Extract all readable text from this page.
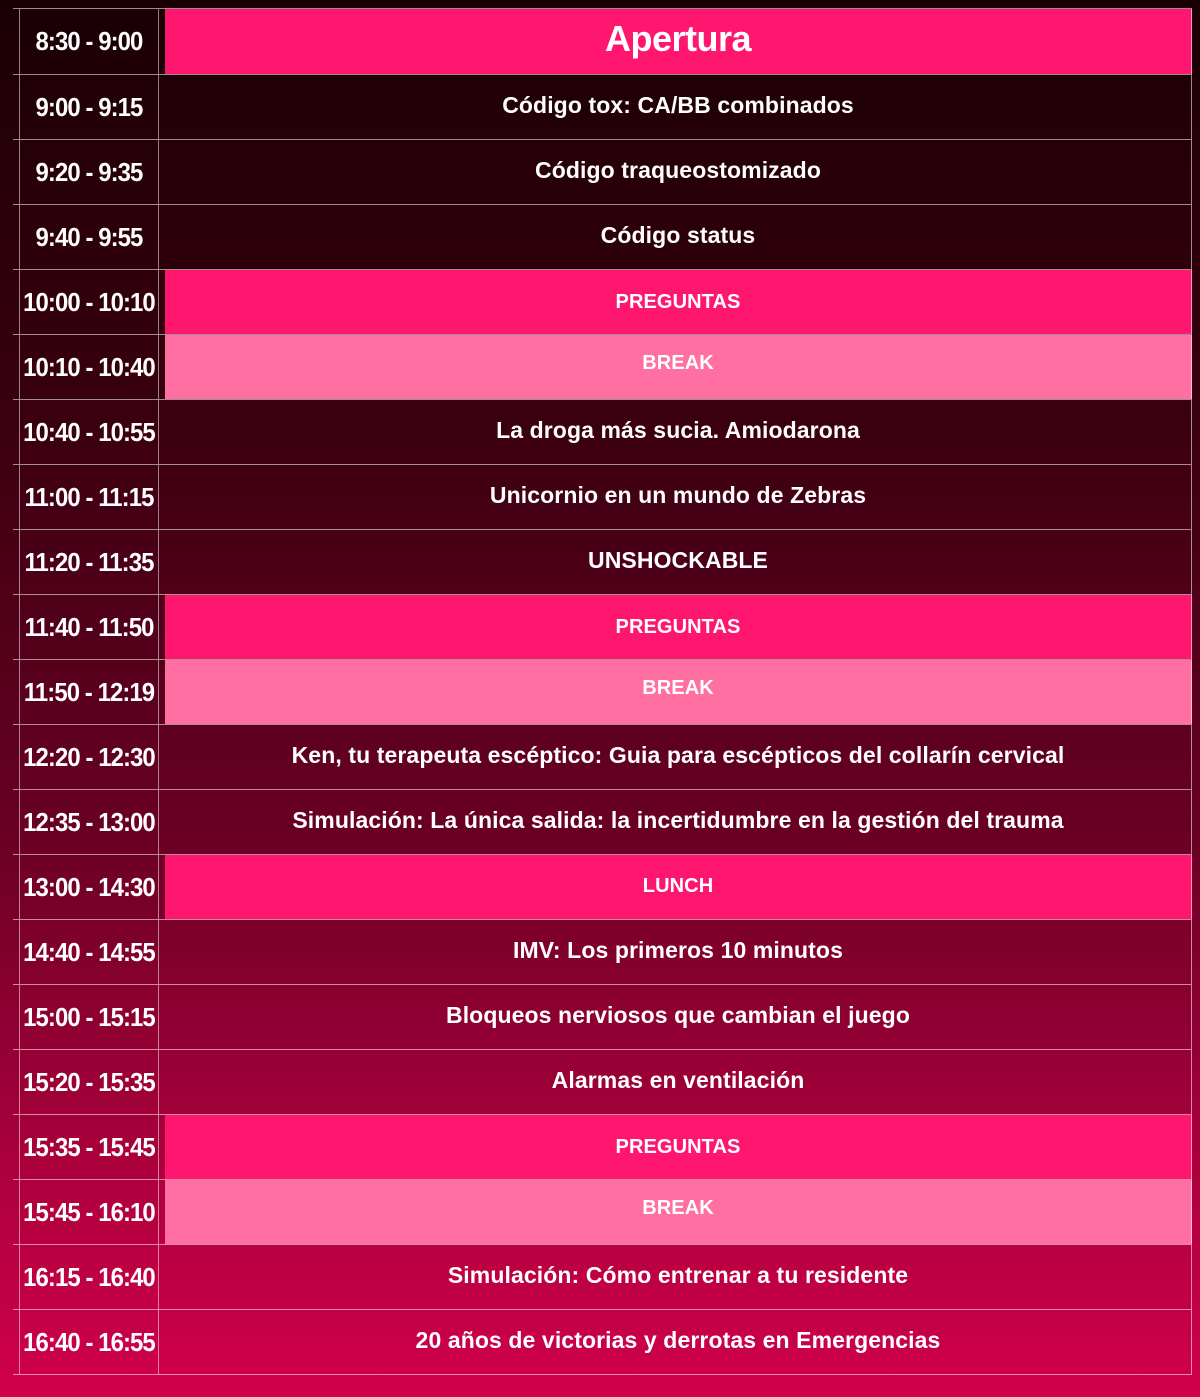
8:30 - 9:00	Apertura
9:00 - 9:15	Código tox: CA/BB combinados
9:20 - 9:35	Código traqueostomizado
9:40 - 9:55	Código status
10:00 - 10:10	PREGUNTAS
10:10 - 10:40	BREAK
10:40 - 10:55	La droga más sucia. Amiodarona
11:00 - 11:15	Unicornio en un mundo de Zebras
11:20 - 11:35	UNSHOCKABLE
11:40 - 11:50	PREGUNTAS
11:50 - 12:19	BREAK
12:20 - 12:30	Ken, tu terapeuta escéptico: Guia para escépticos del collarín cervical
12:35 - 13:00	Simulación: La única salida: la incertidumbre en la gestión del trauma
13:00 - 14:30	LUNCH
14:40 - 14:55	IMV: Los primeros 10 minutos
15:00 - 15:15	Bloqueos nerviosos que cambian el juego
15:20 - 15:35	Alarmas en ventilación
15:35 - 15:45	PREGUNTAS
15:45 - 16:10	BREAK
16:15 - 16:40	Simulación: Cómo entrenar a tu residente
16:40 - 16:55	20 años de victorias y derrotas en Emergencias
